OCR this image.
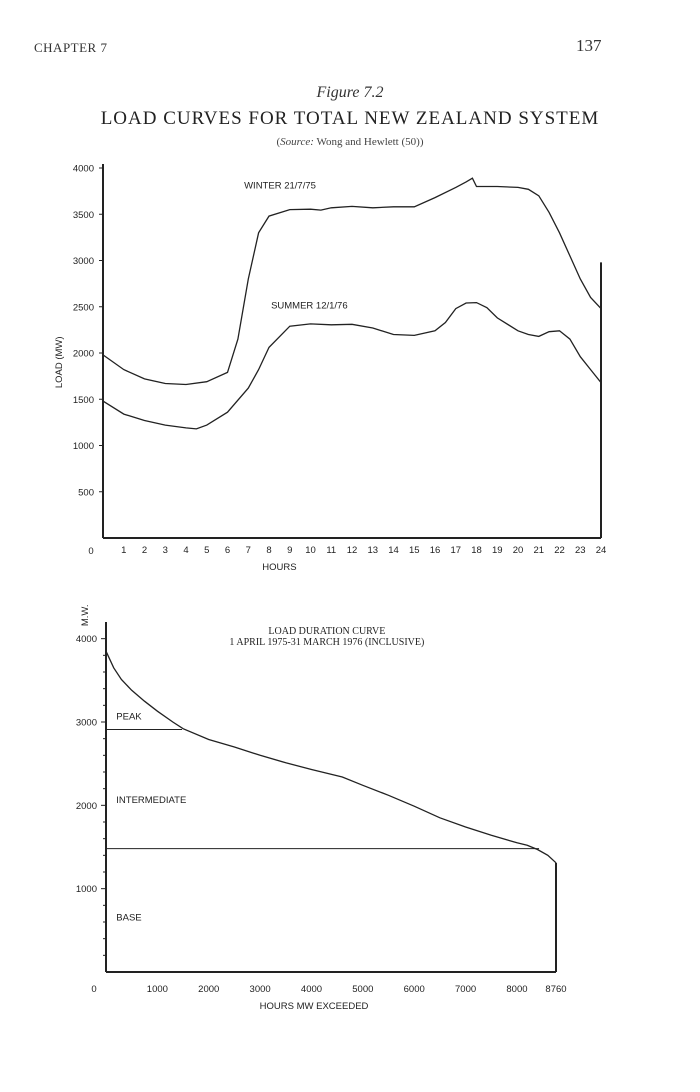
CHAPTER 7	137
Figure 7.2
LOAD CURVES FOR TOTAL NEW ZEALAND SYSTEM
(Source: Wong and Hewlett (50))
500
1000
1500
2000
2500
3000
3500
4000
0	1 2 3 4 5 6 7 8 9 10 11 12 13 14 15 16 17 18 19 20 21 22 23 24
HOURS
LOAD (MW)
WINTER 21/7/75
SUMMER 12/1/76
1000
2000
3000
4000
0	1000	2000	3000	4000	5000	6000	7000	8000 8760
HOURS MW EXCEEDED
M.W.
LOAD DURATION CURVE
1 APRIL 1975-31 MARCH 1976 (INCLUSIVE)
PEAK
INTERMEDIATE
BASE
